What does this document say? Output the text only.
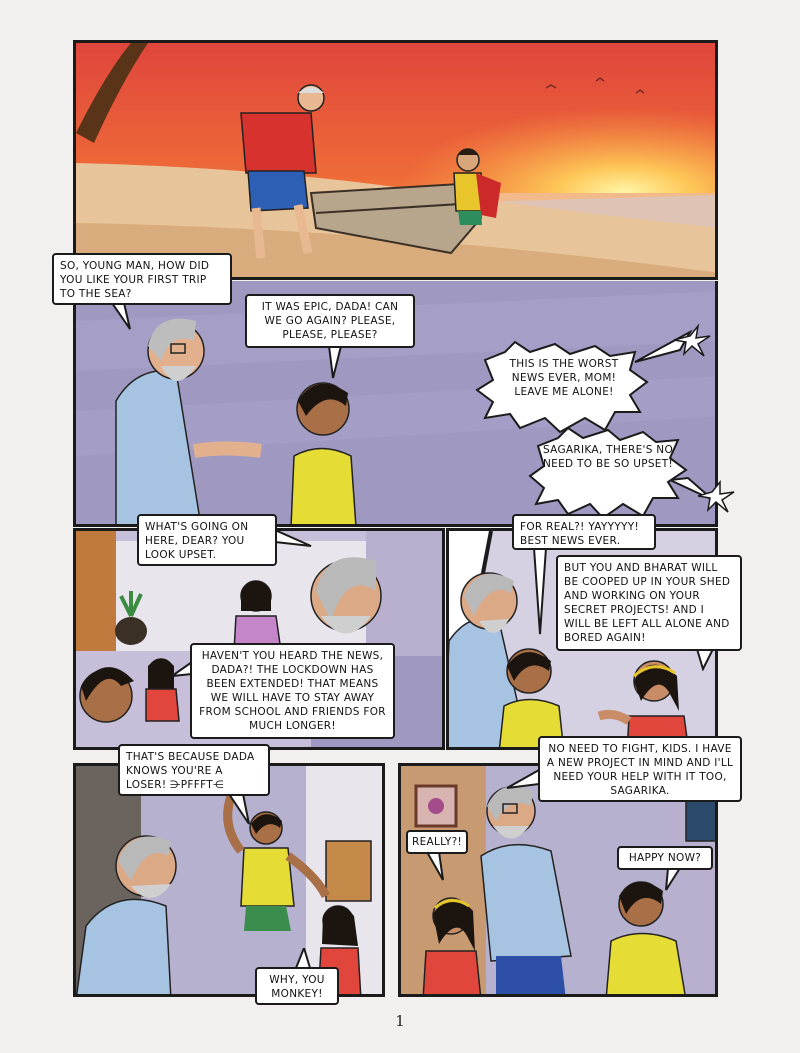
SO, YOUNG MAN, HOW DID YOU LIKE YOUR FIRST TRIP TO THE SEA?
IT WAS EPIC, DADA! CAN WE GO AGAIN? PLEASE, PLEASE, PLEASE?
THIS IS THE WORST NEWS EVER, MOM! LEAVE ME ALONE!
SAGARIKA, THERE'S NO NEED TO BE SO UPSET!
WHAT'S GOING ON HERE, DEAR? YOU LOOK UPSET.
HAVEN'T YOU HEARD THE NEWS, DADA?! THE LOCKDOWN HAS BEEN EXTENDED! THAT MEANS WE WILL HAVE TO STAY AWAY FROM SCHOOL AND FRIENDS FOR MUCH LONGER!
FOR REAL?! YAYYYYY! BEST NEWS EVER.
BUT YOU AND BHARAT WILL BE COOPED UP IN YOUR SHED AND WORKING ON YOUR SECRET PROJECTS! AND I WILL BE LEFT ALL ALONE AND BORED AGAIN!
THAT'S BECAUSE DADA KNOWS YOU'RE A LOSER! ⋺PFFFT⋲
WHY, YOU MONKEY!
NO NEED TO FIGHT, KIDS. I HAVE A NEW PROJECT IN MIND AND I'LL NEED YOUR HELP WITH IT TOO, SAGARIKA.
REALLY?!
HAPPY NOW?
1
